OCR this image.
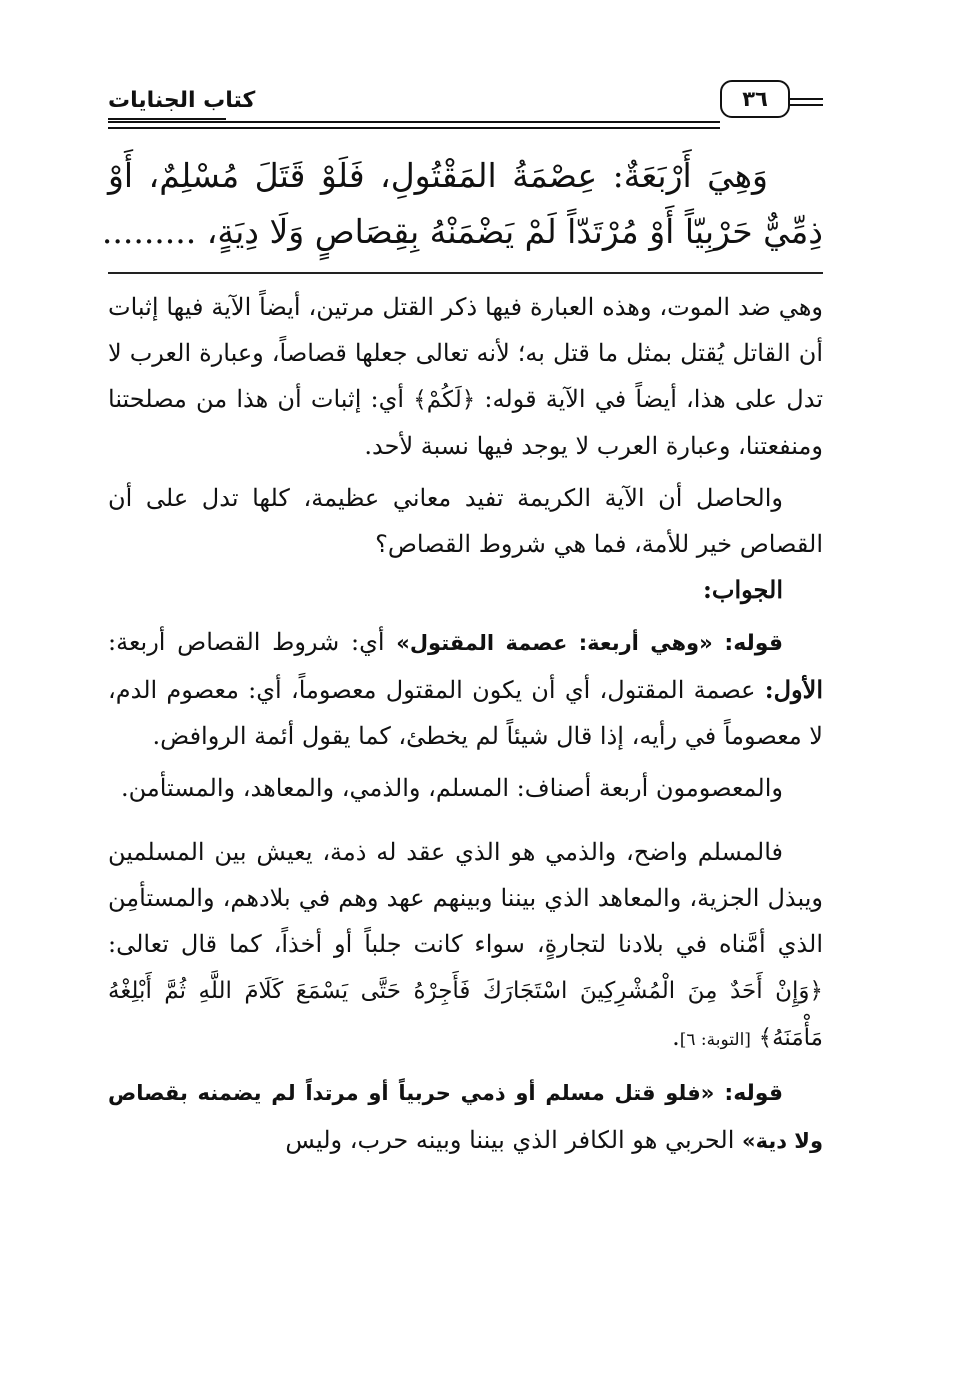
كتاب الجنايات	٣٦
وَهِيَ أَرْبَعَةٌ: عِصْمَةُ المَقْتُولِ، فَلَوْ قَتَلَ مُسْلِمٌ، أَوْ
ذِمِّيٌّ حَرْبِيّاً أَوْ مُرْتَدّاً لَمْ يَضْمَنْهُ بِقِصَاصٍ وَلَا دِيَةٍ، .........

وهي ضد الموت، وهذه العبارة فيها ذكر القتل مرتين، أيضاً الآية فيها إثبات أن القاتل يُقتل بمثل ما قتل به؛ لأنه تعالى جعلها قصاصاً، وعبارة العرب لا تدل على هذا، أيضاً في الآية قوله: ﴿لَكُمْ﴾ أي: إثبات أن هذا من مصلحتنا ومنفعتنا، وعبارة العرب لا يوجد فيها نسبة لأحد.

والحاصل أن الآية الكريمة تفيد معاني عظيمة، كلها تدل على أن القصاص خير للأمة، فما هي شروط القصاص؟

الجواب:

قوله: «وهي أربعة: عصمة المقتول» أي: شروط القصاص أربعة: الأول: عصمة المقتول، أي أن يكون المقتول معصوماً، أي: معصوم الدم، لا معصوماً في رأيه، إذا قال شيئاً لم يخطئ، كما يقول أئمة الروافض.

والمعصومون أربعة أصناف: المسلم، والذمي، والمعاهد، والمستأمن.

فالمسلم واضح، والذمي هو الذي عقد له ذمة، يعيش بين المسلمين ويبذل الجزية، والمعاهد الذي بيننا وبينهم عهد وهم في بلادهم، والمستأمِن الذي أمَّناه في بلادنا لتجارةٍ، سواء كانت جلباً أو أخذاً، كما قال تعالى: ﴿وَإِنْ أَحَدٌ مِنَ الْمُشْرِكِينَ اسْتَجَارَكَ فَأَجِرْهُ حَتَّى يَسْمَعَ كَلَامَ اللَّهِ ثُمَّ أَبْلِغْهُ مَأْمَنَهُ﴾ [التوبة: ٦].

قوله: «فلو قتل مسلم أو ذمي حربياً أو مرتداً لم يضمنه بقصاص ولا دية» الحربي هو الكافر الذي بيننا وبينه حرب، وليس
